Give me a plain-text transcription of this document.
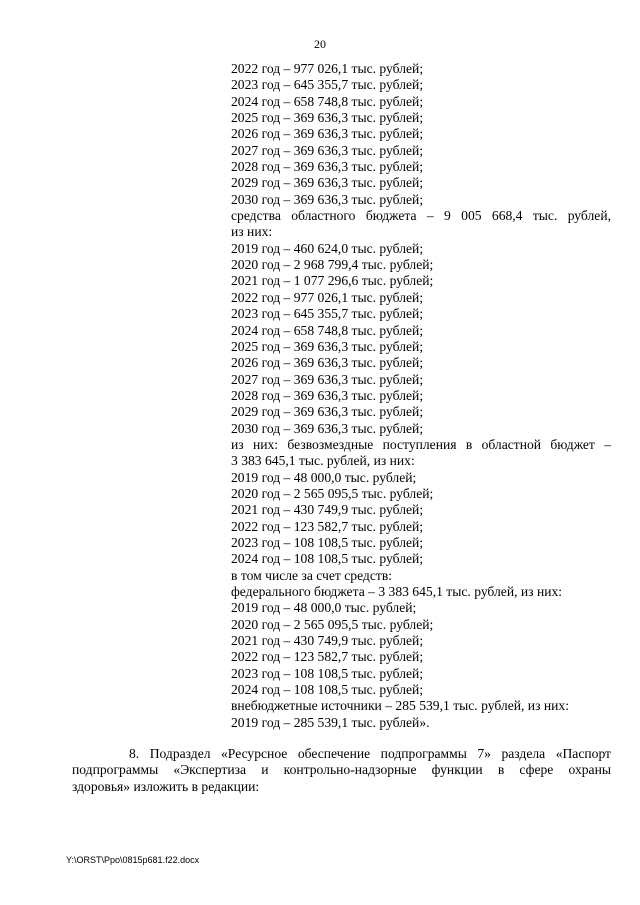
20
2022 год – 977 026,1 тыс. рублей;
2023 год – 645 355,7 тыс. рублей;
2024 год – 658 748,8 тыс. рублей;
2025 год – 369 636,3 тыс. рублей;
2026 год – 369 636,3 тыс. рублей;
2027 год – 369 636,3 тыс. рублей;
2028 год – 369 636,3 тыс. рублей;
2029 год – 369 636,3 тыс. рублей;
2030 год – 369 636,3 тыс. рублей;
средства областного бюджета – 9 005 668,4 тыс. рублей,
из них:
2019 год – 460 624,0 тыс. рублей;
2020 год – 2 968 799,4 тыс. рублей;
2021 год – 1 077 296,6 тыс. рублей;
2022 год – 977 026,1 тыс. рублей;
2023 год – 645 355,7 тыс. рублей;
2024 год – 658 748,8 тыс. рублей;
2025 год – 369 636,3 тыс. рублей;
2026 год – 369 636,3 тыс. рублей;
2027 год – 369 636,3 тыс. рублей;
2028 год – 369 636,3 тыс. рублей;
2029 год – 369 636,3 тыс. рублей;
2030 год – 369 636,3 тыс. рублей;
из них: безвозмездные поступления в областной бюджет –
3 383 645,1 тыс. рублей, из них:
2019 год – 48 000,0 тыс. рублей;
2020 год – 2 565 095,5 тыс. рублей;
2021 год – 430 749,9 тыс. рублей;
2022 год – 123 582,7 тыс. рублей;
2023 год – 108 108,5 тыс. рублей;
2024 год – 108 108,5 тыс. рублей;
в том числе за счет средств:
федерального бюджета – 3 383 645,1 тыс. рублей, из них:
2019 год – 48 000,0 тыс. рублей;
2020 год – 2 565 095,5 тыс. рублей;
2021 год – 430 749,9 тыс. рублей;
2022 год – 123 582,7 тыс. рублей;
2023 год – 108 108,5 тыс. рублей;
2024 год – 108 108,5 тыс. рублей;
внебюджетные источники – 285 539,1 тыс. рублей, из них:
2019 год – 285 539,1 тыс. рублей».
8. Подраздел «Ресурсное обеспечение подпрограммы 7» раздела «Паспорт
подпрограммы «Экспертиза и контрольно-надзорные функции в сфере охраны
здоровья» изложить в редакции:
Y:\ORST\Ppo\0815p681.f22.docx
